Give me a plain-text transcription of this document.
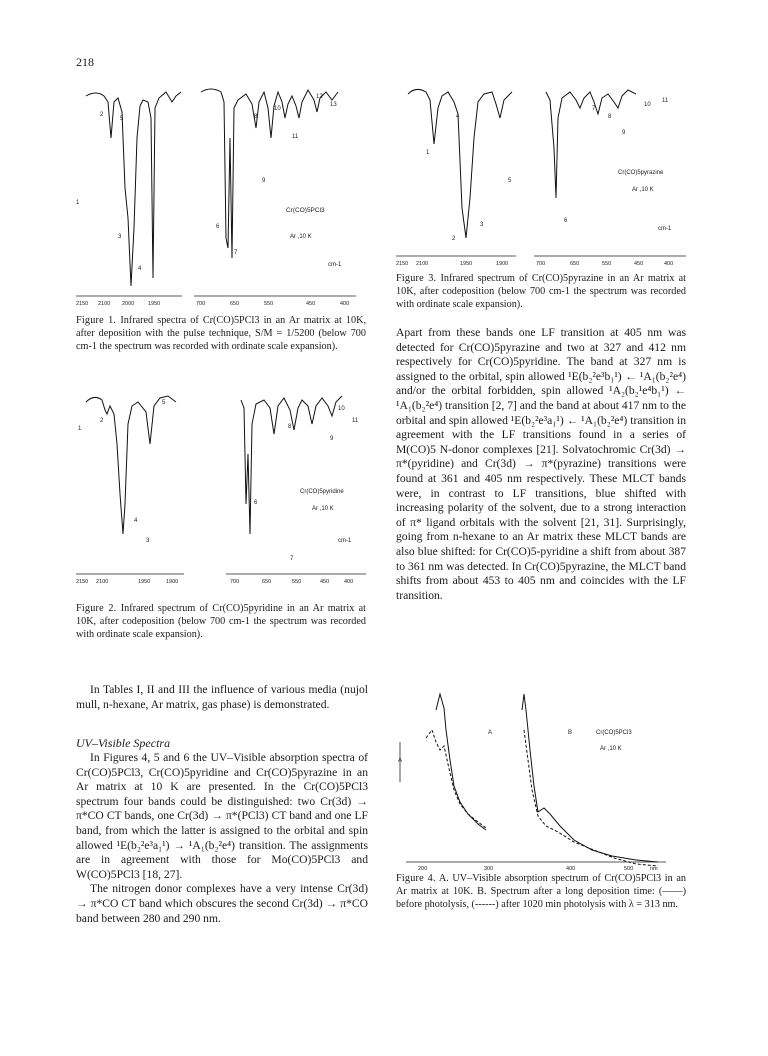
218
2
5
1
3
4
6
7
8
9
10
11
12
13
Cr(CO)5PCl3
Ar ,10 K
cm-1
2150 2100 2000	1950	700	650	550	450	400
Figure 1. Infrared spectra of Cr(CO)5PCl3 in an Ar matrix at 10K, after deposition with the pulse technique, S/M = 1/5200 (below 700 cm-1 the spectrum was recorded with ordinate scale expansion).
1
2
3
4
5
6
7
8
9
10
11
Cr(CO)5pyridine
Ar ,10 K
cm-1
2150 2100	1950	1900	700	650	550	450	400
Figure 2. Infrared spectrum of Cr(CO)5pyridine in an Ar matrix at 10K, after codeposition (below 700 cm-1 the spectrum was recorded with ordinate scale expansion).

In Tables I, II and III the influence of various media (nujol mull, n-hexane, Ar matrix, gas phase) is demonstrated.

UV–Visible Spectra

In Figures 4, 5 and 6 the UV–Visible absorption spectra of Cr(CO)5PCl3, Cr(CO)5pyridine and Cr(CO)5pyrazine in an Ar matrix at 10 K are presented. In the Cr(CO)5PCl3 spectrum four bands could be distinguished: two Cr(3d) → π*CO CT bands, one Cr(3d) → π*(PCl3) CT band and one LF band, from which the latter is assigned to the orbital and spin allowed ¹E(b₂²e³a₁¹) → ¹A₁(b₂²e⁴) transition. The assignments are in agreement with those for Mo(CO)5PCl3 and W(CO)5PCl3 [18, 27].

The nitrogen donor complexes have a very intense Cr(3d) → π*CO CT band which obscures the second Cr(3d) → π*CO band between 280 and 290 nm.

1
2
3
4
5
6
7
8
9
10
11
Cr(CO)5pyrazine
Ar ,10 K
cm-1
2150 2100	1950	1900	700	650	550	450	400
Figure 3. Infrared spectrum of Cr(CO)5pyrazine in an Ar matrix at 10K, after codeposition (below 700 cm-1 the spectrum was recorded with ordinate scale expansion).

Apart from these bands one LF transition at 405 nm was detected for Cr(CO)5pyrazine and two at 327 and 412 nm respectively for Cr(CO)5pyridine. The band at 327 nm is assigned to the orbital, spin allowed ¹E(b₂²e³b₁¹) ← ¹A₁(b₂²e⁴) and/or the orbital forbidden, spin allowed ¹A₂(b₂¹e⁴b₁¹) ← ¹A₁(b₂²e⁴) transition [2, 7] and the band at about 417 nm to the orbital and spin allowed ¹E(b₂²e³a₁¹) ← ¹A₁(b₂²e⁴) transition in agreement with the LF transitions found in a series of M(CO)5 N-donor complexes [21]. Solvatochromic Cr(3d) → π*(pyridine) and Cr(3d) → π*(pyrazine) transitions were found at 361 and 405 nm respectively. These MLCT bands were, in contrast to LF transitions, blue shifted with increasing polarity of the solvent, due to a strong interaction of π* ligand orbitals with the solvent [21, 31]. Surprisingly, going from n-hexane to an Ar matrix these MLCT bands are also blue shifted: for Cr(CO)5-pyridine a shift from about 387 to 361 nm was detected. In Cr(CO)5pyrazine, the MLCT band shifts from about 453 to 405 nm and coincides with the LF transition.

A
A	B	Cr(CO)5PCl3
Ar ,10 K
200	300	400	500	nm
Figure 4. A. UV–Visible absorption spectrum of Cr(CO)5PCl3 in an Ar matrix at 10K. B. Spectrum after a long deposition time: (——) before photolysis, (------) after 1020 min photolysis with λ = 313 nm.
